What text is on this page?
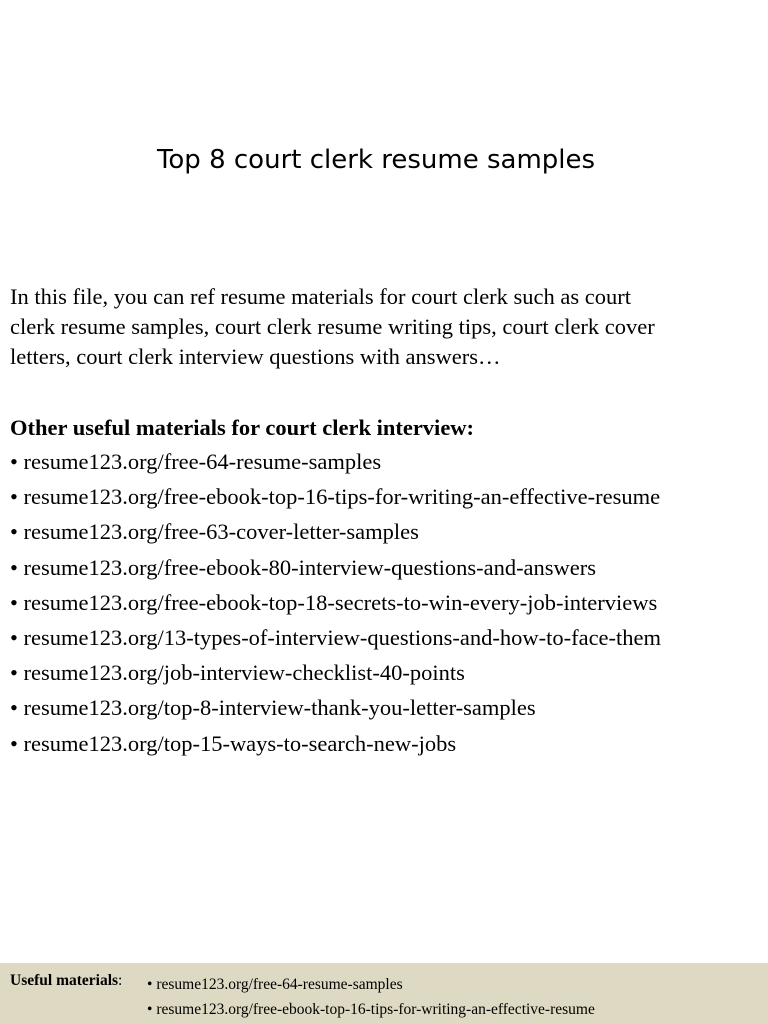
Top 8 court clerk resume samples

In this file, you can ref resume materials for court clerk such as court

clerk resume samples, court clerk resume writing tips, court clerk cover

letters, court clerk interview questions with answers…

Other useful materials for court clerk interview:
• resume123.org/free-64-resume-samples
• resume123.org/free-ebook-top-16-tips-for-writing-an-effective-resume
• resume123.org/free-63-cover-letter-samples
• resume123.org/free-ebook-80-interview-questions-and-answers
• resume123.org/free-ebook-top-18-secrets-to-win-every-job-interviews
• resume123.org/13-types-of-interview-questions-and-how-to-face-them
• resume123.org/job-interview-checklist-40-points
• resume123.org/top-8-interview-thank-you-letter-samples
• resume123.org/top-15-ways-to-search-new-jobs
Useful materials: • resume123.org/free-64-resume-samples
• resume123.org/free-ebook-top-16-tips-for-writing-an-effective-resume
